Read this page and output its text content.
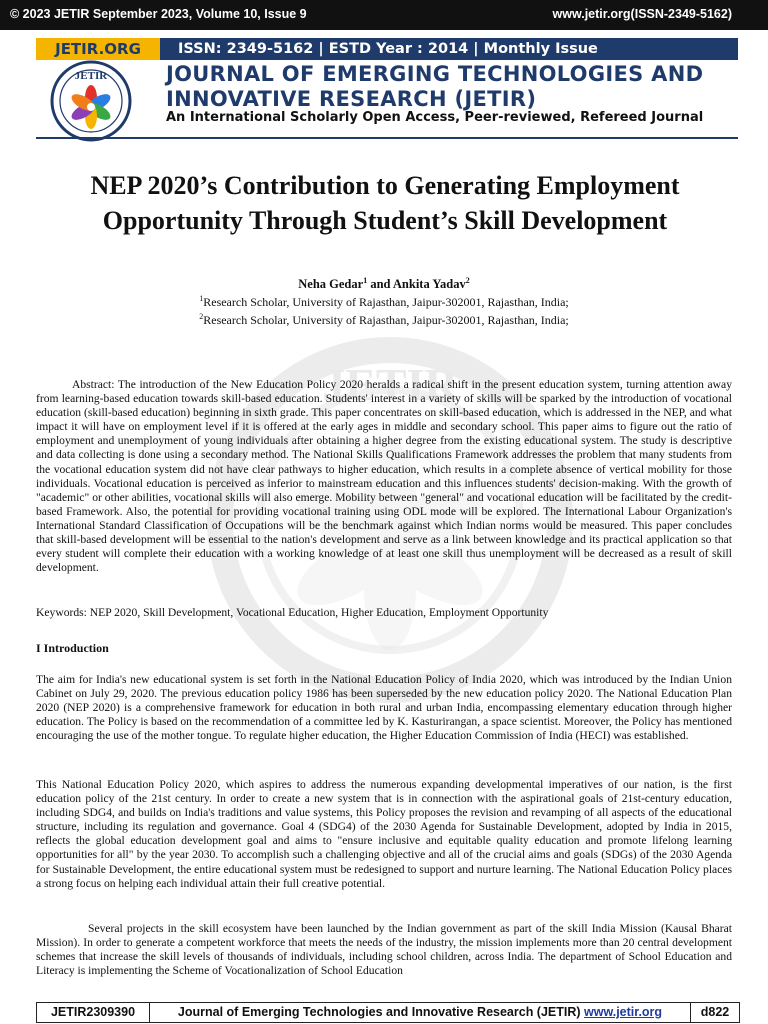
© 2023 JETIR September 2023, Volume 10, Issue 9	www.jetir.org(ISSN-2349-5162)
JETIR.ORG	ISSN: 2349-5162 | ESTD Year : 2014 | Monthly Issue
JETIR	JOURNAL OF EMERGING TECHNOLOGIES AND
INNOVATIVE RESEARCH (JETIR)
An International Scholarly Open Access, Peer-reviewed, Refereed Journal
JETIR
NEP 2020’s Contribution to Generating Employment Opportunity Through Student’s Skill Development
Neha Gedar$^1$ and Ankita Yadav$^2$
$^1$Research Scholar, University of Rajasthan, Jaipur-302001, Rajasthan, India;
$^2$Research Scholar, University of Rajasthan, Jaipur-302001, Rajasthan, India;

Abstract: The introduction of the New Education Policy 2020 heralds a radical shift in the present education system, turning attention away from learning-based education towards skill-based education. Students' interest in a variety of skills will be sparked by the introduction of vocational education (skill-based education) beginning in sixth grade. This paper concentrates on skill-based education, which is addressed in the NEP, and what impact it will have on employment level if it is offered at the early ages in middle and secondary school. This paper aims to figure out the ratio of employment and unemployment of young individuals after obtaining a higher degree from the existing educational system. The study is descriptive and data collecting is done using a secondary method. The National Skills Qualifications Framework addresses the problem that many students from the vocational education system did not have clear pathways to higher education, which results in a complete absence of vertical mobility for those individuals. Vocational education is perceived as inferior to mainstream education and this influences students' decision-making. With the growth of "academic" or other abilities, vocational skills will also emerge. Mobility between "general" and vocational education will be facilitated by the credit-based Framework. Also, the potential for providing vocational training using ODL mode will be explored. The International Labour Organization's International Standard Classification of Occupations will be the benchmark against which Indian norms would be measured. This paper concludes that skill-based development will be essential to the nation's development and serve as a link between knowledge and its practical application so that every student will complete their education with a working knowledge of at least one skill thus unemployment will be decreased as a result of skill development.

Keywords: NEP 2020, Skill Development, Vocational Education, Higher Education, Employment Opportunity

I Introduction

The aim for India's new educational system is set forth in the National Education Policy of India 2020, which was introduced by the Indian Union Cabinet on July 29, 2020. The previous education policy 1986 has been superseded by the new education policy 2020. The National Education Plan 2020 (NEP 2020) is a comprehensive framework for education in both rural and urban India, encompassing elementary education through higher education. The Policy is based on the recommendation of a committee led by K. Kasturirangan, a space scientist. Moreover, the Policy has mentioned encouraging the use of the mother tongue. To regulate higher education, the Higher Education Commission of India (HECI) was established.

This National Education Policy 2020, which aspires to address the numerous expanding developmental imperatives of our nation, is the first education policy of the 21st century. In order to create a new system that is in connection with the aspirational goals of 21st-century education, including SDG4, and builds on India's traditions and value systems, this Policy proposes the revision and revamping of all aspects of the educational structure, including its regulation and governance. Goal 4 (SDG4) of the 2030 Agenda for Sustainable Development, adopted by India in 2015, reflects the global education development goal and aims to "ensure inclusive and equitable quality education and promote lifelong learning opportunities for all" by the year 2030. To accomplish such a challenging objective and all of the crucial aims and goals (SDGs) of the 2030 Agenda for Sustainable Development, the entire educational system must be redesigned to support and nurture learning. The National Education Policy places a strong focus on helping each individual attain their full creative potential.

Several projects in the skill ecosystem have been launched by the Indian government as part of the skill India Mission (Kausal Bharat Mission). In order to generate a competent workforce that meets the needs of the industry, the mission implements more than 20 central development schemes that increase the skill levels of thousands of individuals, including school children, across India. The department of School Education and Literacy is implementing the Scheme of Vocationalization of School Education

JETIR2309390	Journal of Emerging Technologies and Innovative Research (JETIR) www.jetir.org	d822
